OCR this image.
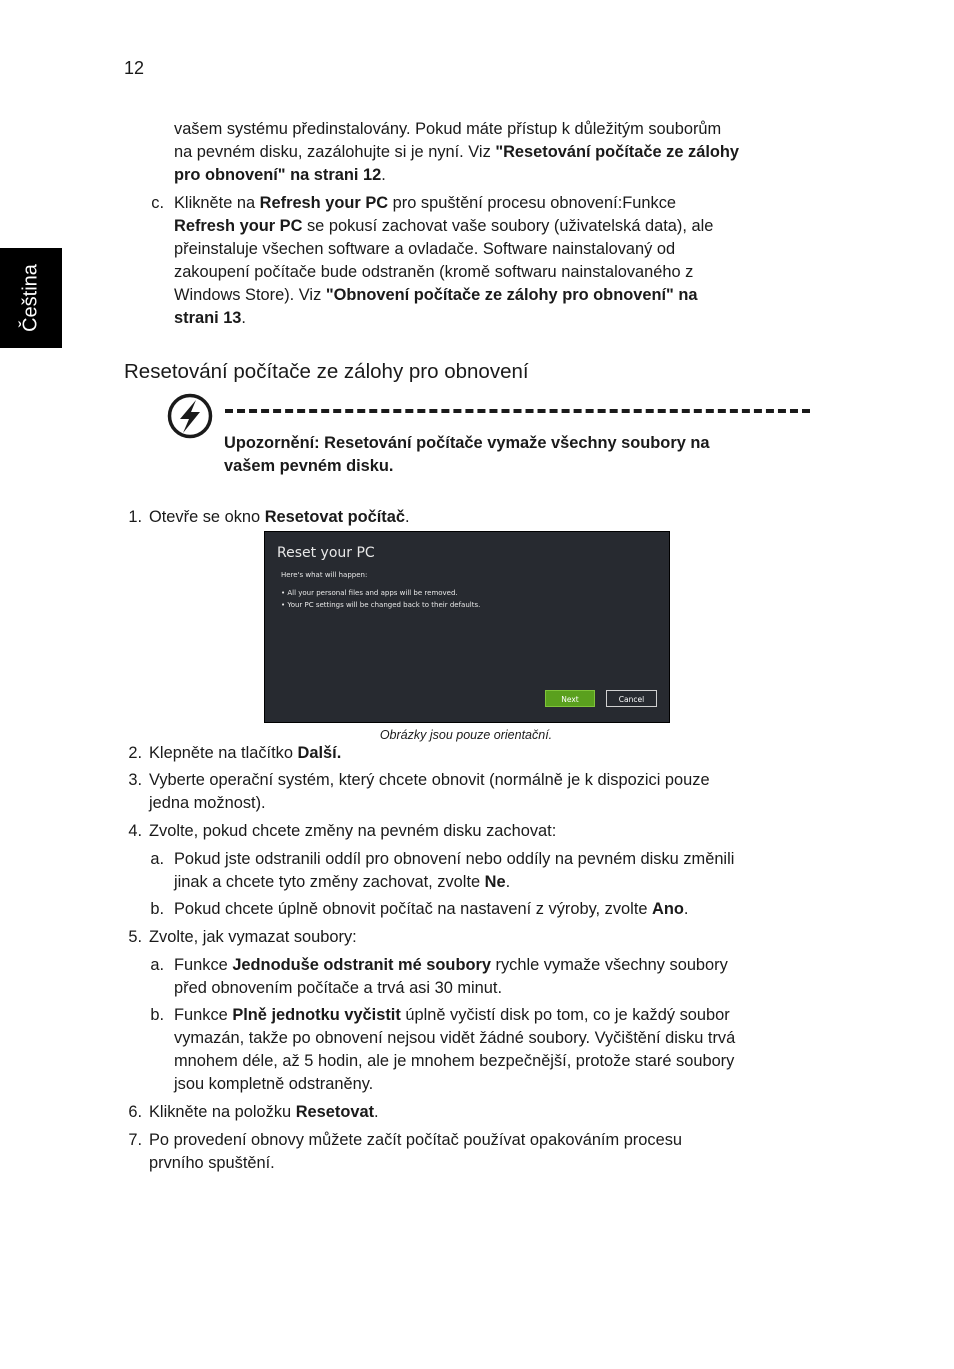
12
Čeština

vašem systému předinstalovány. Pokud máte přístup k důležitým souborům
na pevném disku, zazálohujte si je nyní. Viz "Resetování počítače ze zálohy
pro obnovení" na strani 12.

c. Klikněte na Refresh your PC pro spuštění procesu obnovení:Funkce
Refresh your PC se pokusí zachovat vaše soubory (uživatelská data), ale
přeinstaluje všechen software a ovladače. Software nainstalovaný od
zakoupení počítače bude odstraněn (kromě softwaru nainstalovaného z
Windows Store). Viz "Obnovení počítače ze zálohy pro obnovení" na
strani 13.

Resetování počítače ze zálohy pro obnovení

Upozornění: Resetování počítače vymaže všechny soubory na
vašem pevném disku.

1. Otevře se okno Resetovat počítač.

Reset your PC
Here's what will happen:
• All your personal files and apps will be removed.
• Your PC settings will be changed back to their defaults.
Next	Cancel
Obrázky jsou pouze orientační.
2. Klepněte na tlačítko Další.

3. Vyberte operační systém, který chcete obnovit (normálně je k dispozici pouze
jedna možnost).

4. Zvolte, pokud chcete změny na pevném disku zachovat:

a. Pokud jste odstranili oddíl pro obnovení nebo oddíly na pevném disku změnili
jinak a chcete tyto změny zachovat, zvolte Ne.

b. Pokud chcete úplně obnovit počítač na nastavení z výroby, zvolte Ano.

5. Zvolte, jak vymazat soubory:

a. Funkce Jednoduše odstranit mé soubory rychle vymaže všechny soubory
před obnovením počítače a trvá asi 30 minut.

b. Funkce Plně jednotku vyčistit úplně vyčistí disk po tom, co je každý soubor
vymazán, takže po obnovení nejsou vidět žádné soubory. Vyčištění disku trvá
mnohem déle, až 5 hodin, ale je mnohem bezpečnější, protože staré soubory
jsou kompletně odstraněny.

6. Klikněte na položku Resetovat.

7. Po provedení obnovy můžete začít počítač používat opakováním procesu
prvního spuštění.
